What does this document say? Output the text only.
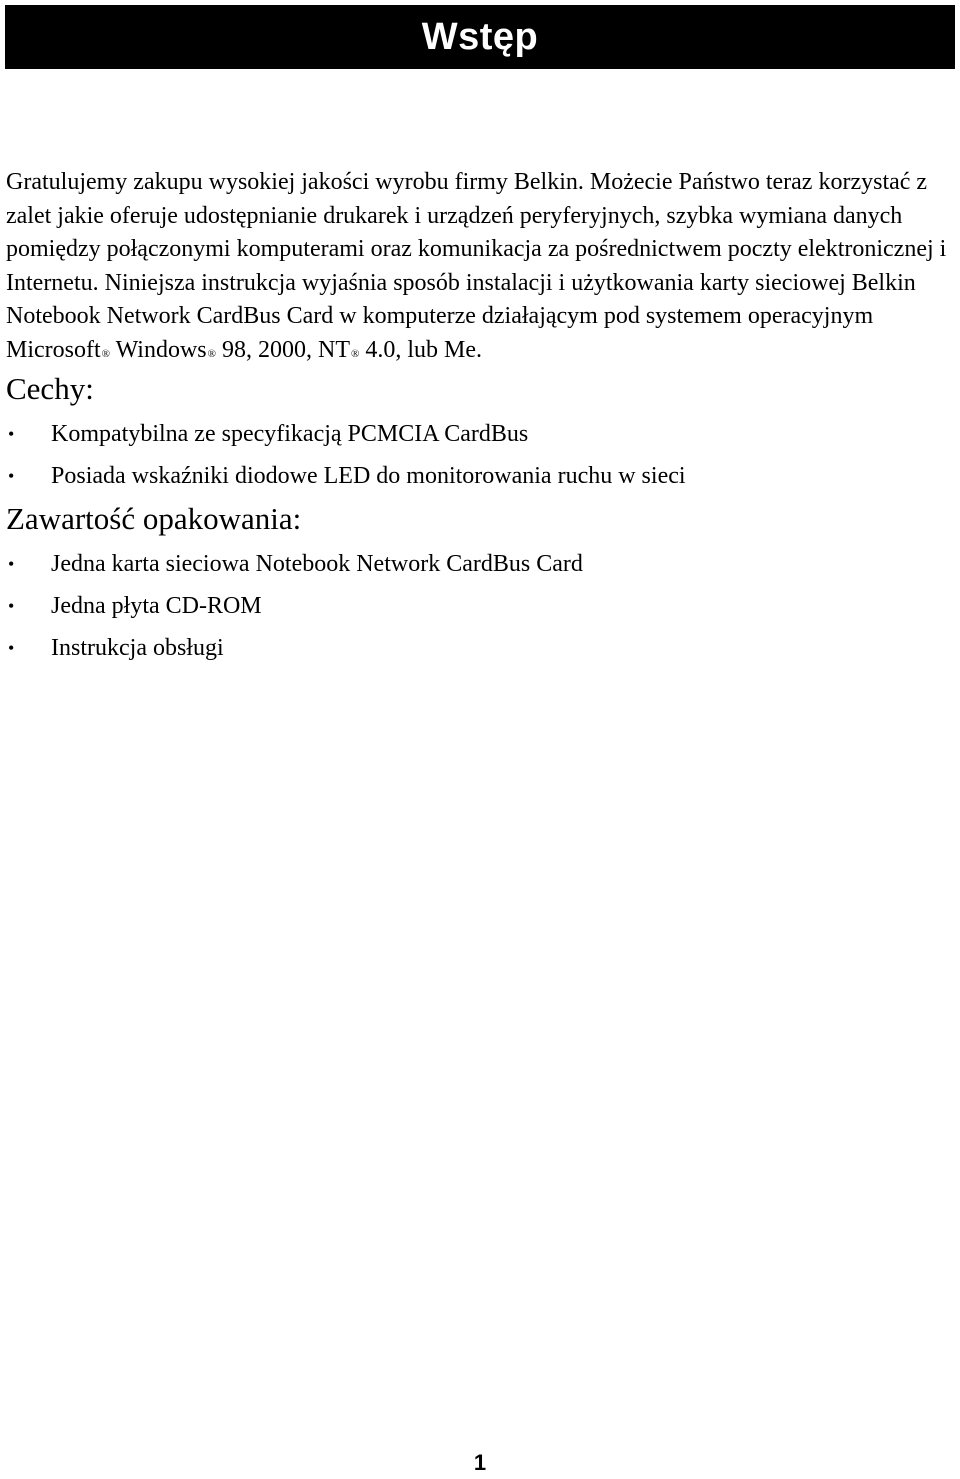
Wstęp

Gratulujemy zakupu wysokiej jakości wyrobu firmy Belkin. Możecie Państwo teraz korzystać z zalet jakie oferuje udostępnianie drukarek i urządzeń peryferyjnych, szybka wymiana danych pomiędzy połączonymi komputerami oraz komunikacja za pośrednictwem poczty elektronicznej i Internetu. Niniejsza instrukcja wyjaśnia sposób instalacji i użytkowania karty sieciowej Belkin Notebook Network CardBus Card w komputerze działającym pod systemem operacyjnym Microsoft® Windows® 98, 2000, NT® 4.0, lub Me.

Cechy:
• Kompatybilna ze specyfikacją PCMCIA CardBus
• Posiada wskaźniki diodowe LED do monitorowania ruchu w sieci
Zawartość opakowania:
• Jedna karta sieciowa Notebook Network CardBus Card
• Jedna płyta CD-ROM
• Instrukcja obsługi
1
